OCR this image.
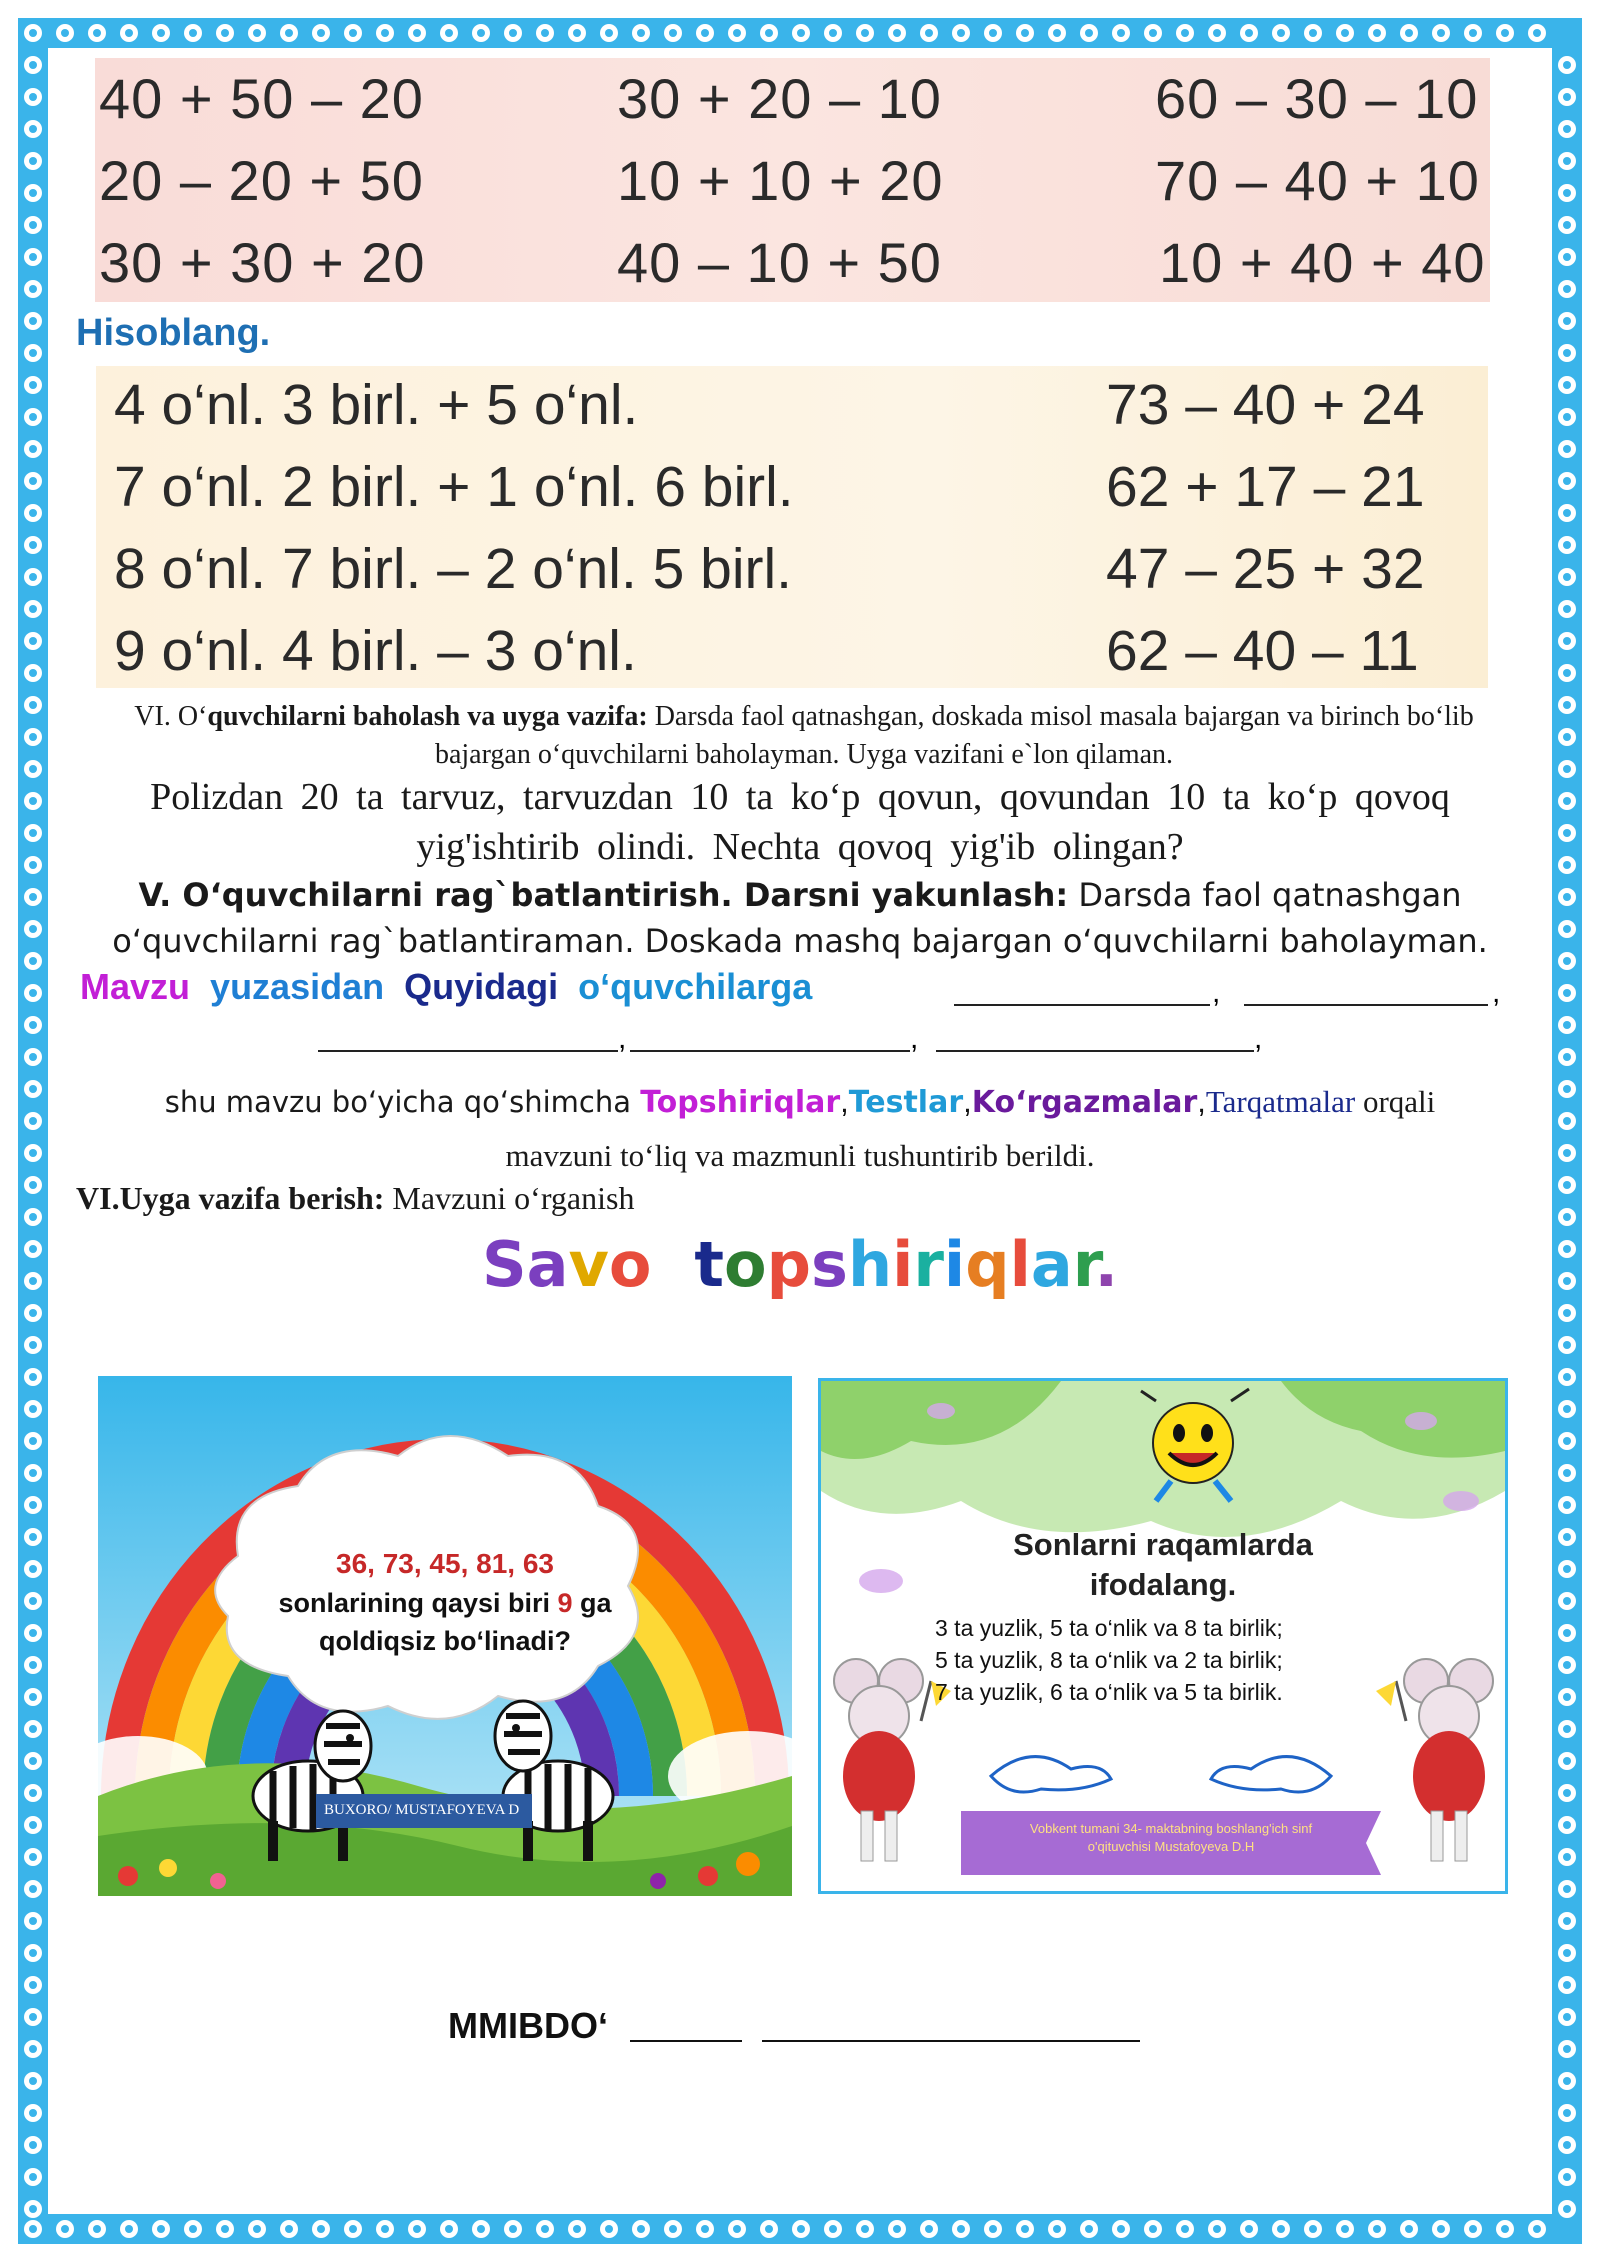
40 + 50 – 20	30 + 20 – 10	60 – 30 – 10
20 – 20 + 50	10 + 10 + 20	70 – 40 + 10
30 + 30 + 20	40 – 10 + 50	10 + 40 + 40
Hisoblang.
4 o‘nl. 3 birl. + 5 o‘nl.	73 – 40 + 24
7 o‘nl. 2 birl. + 1 o‘nl. 6 birl.	62 + 17 – 21
8 o‘nl. 7 birl. – 2 o‘nl. 5 birl.	47 – 25 + 32
9 o‘nl. 4 birl. – 3 o‘nl.	62 – 40 – 11
VI. O‘quvchilarni baholash va uyga vazifa: Darsda faol qatnashgan, doskada misol masala bajargan va birinch bo‘lib bajargan o‘quvchilarni baholayman. Uyga vazifani e`lon qilaman.
Polizdan 20 ta tarvuz, tarvuzdan 10 ta ko‘p qovun, qovundan 10 ta ko‘p qovoq yig'ishtirib olindi. Nechta qovoq yig'ib olingan?
V. O‘quvchilarni rag`batlantirish. Darsni yakunlash: Darsda faol qatnashgan o‘quvchilarni rag`batlantiraman. Doskada mashq bajargan o‘quvchilarni baholayman.
Mavzu yuzasidan Quyidagi o‘quvchilarga	,	,
,	,	,
shu mavzu bo‘yicha qo‘shimcha Topshiriqlar,Testlar,Ko‘rgazmalar,Tarqatmalar orqali
mavzuni to‘liq va mazmunli tushuntirib berildi.
VI.Uyga vazifa berish: Mavzuni o‘rganish
Savol topshiriqlar.
36, 73, 45, 81, 63
sonlarining qaysi biri 9 ga
qoldiqsiz bo‘linadi?
BUXORO/ MUSTAFOYEVA D
Sonlarni raqamlarda
ifodalang.
3 ta yuzlik, 5 ta o‘nlik va 8 ta birlik;
5 ta yuzlik, 8 ta o‘nlik va 2 ta birlik;
7 ta yuzlik, 6 ta o‘nlik va 5 ta birlik.
Vobkent tumani 34- maktabning boshlang'ich sinf
o'qituvchisi Mustafoyeva D.H
MMIBDO‘
